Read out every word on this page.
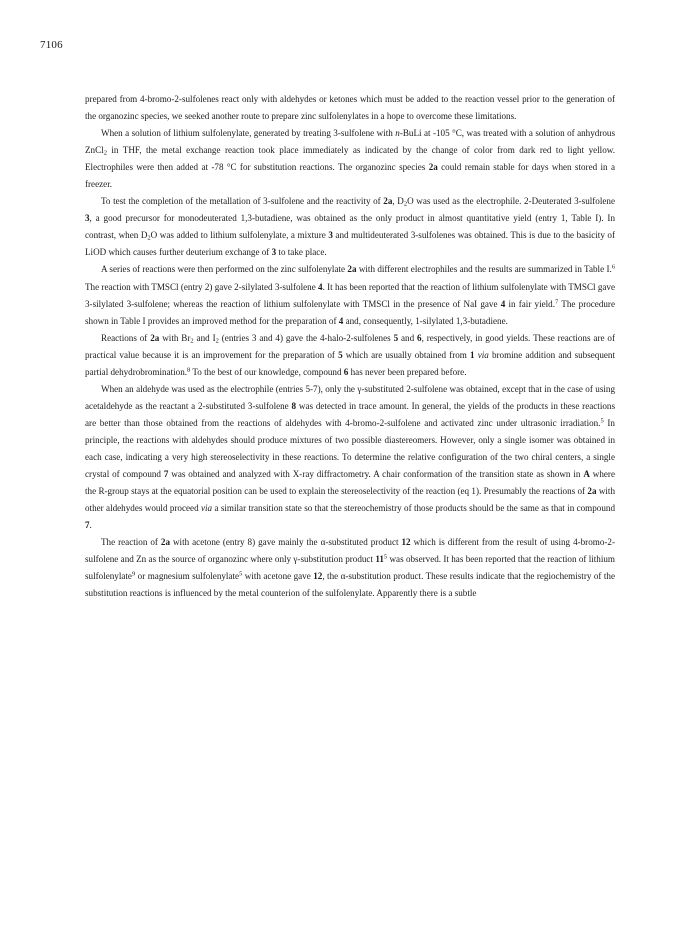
7106

prepared from 4-bromo-2-sulfolenes react only with aldehydes or ketones which must be added to the reaction vessel prior to the generation of the organozinc species, we seeked another route to prepare zinc sulfolenylates in a hope to overcome these limitations.

When a solution of lithium sulfolenylate, generated by treating 3-sulfolene with n-BuLi at -105 °C, was treated with a solution of anhydrous ZnCl$_2$ in THF, the metal exchange reaction took place immediately as indicated by the change of color from dark red to light yellow. Electrophiles were then added at -78 °C for substitution reactions. The organozinc species 2a could remain stable for days when stored in a freezer.

To test the completion of the metallation of 3-sulfolene and the reactivity of 2a, $D_2O$ was used as the electrophile. 2-Deuterated 3-sulfolene 3, a good precursor for monodeuterated 1,3-butadiene, was obtained as the only product in almost quantitative yield (entry 1, Table I). In contrast, when $D_2O$ was added to lithium sulfolenylate, a mixture 3 and multideuterated 3-sulfolenes was obtained. This is due to the basicity of LiOD which causes further deuterium exchange of 3 to take place.

A series of reactions were then performed on the zinc sulfolenylate 2a with different electrophiles and the results are summarized in Table I.$^6$ The reaction with TMSCl (entry 2) gave 2-silylated 3-sulfolene 4. It has been reported that the reaction of lithium sulfolenylate with TMSCl gave 3-silylated 3-sulfolene; whereas the reaction of lithium sulfolenylate with TMSCl in the presence of NaI gave 4 in fair yield.$^7$ The procedure shown in Table I provides an improved method for the preparation of 4 and, consequently, 1-silylated 1,3-butadiene.

Reactions of 2a with $Br_2$ and $I_2$ (entries 3 and 4) gave the 4-halo-2-sulfolenes 5 and 6, respectively, in good yields. These reactions are of practical value because it is an improvement for the preparation of 5 which are usually obtained from 1 via bromine addition and subsequent partial dehydrobromination.$^8$ To the best of our knowledge, compound 6 has never been prepared before.

When an aldehyde was used as the electrophile (entries 5-7), only the γ-substituted 2-sulfolene was obtained, except that in the case of using acetaldehyde as the reactant a 2-substituted 3-sulfolene 8 was detected in trace amount. In general, the yields of the products in these reactions are better than those obtained from the reactions of aldehydes with 4-bromo-2-sulfolene and activated zinc under ultrasonic irradiation.$^5$ In principle, the reactions with aldehydes should produce mixtures of two possible diastereomers. However, only a single isomer was obtained in each case, indicating a very high stereoselectivity in these reactions. To determine the relative configuration of the two chiral centers, a single crystal of compound 7 was obtained and analyzed with X-ray diffractometry. A chair conformation of the transition state as shown in A where the R-group stays at the equatorial position can be used to explain the stereoselectivity of the reaction (eq 1). Presumably the reactions of 2a with other aldehydes would proceed via a similar transition state so that the stereochemistry of those products should be the same as that in compound 7.

The reaction of 2a with acetone (entry 8) gave mainly the α-substituted product 12 which is different from the result of using 4-bromo-2-sulfolene and Zn as the source of organozinc where only γ-substitution product $11^5$ was observed. It has been reported that the reaction of lithium sulfolenylate$^9$ or magnesium sulfolenylate$^5$ with acetone gave 12, the α-substitution product. These results indicate that the regiochemistry of the substitution reactions is influenced by the metal counterion of the sulfolenylate. Apparently there is a subtle
